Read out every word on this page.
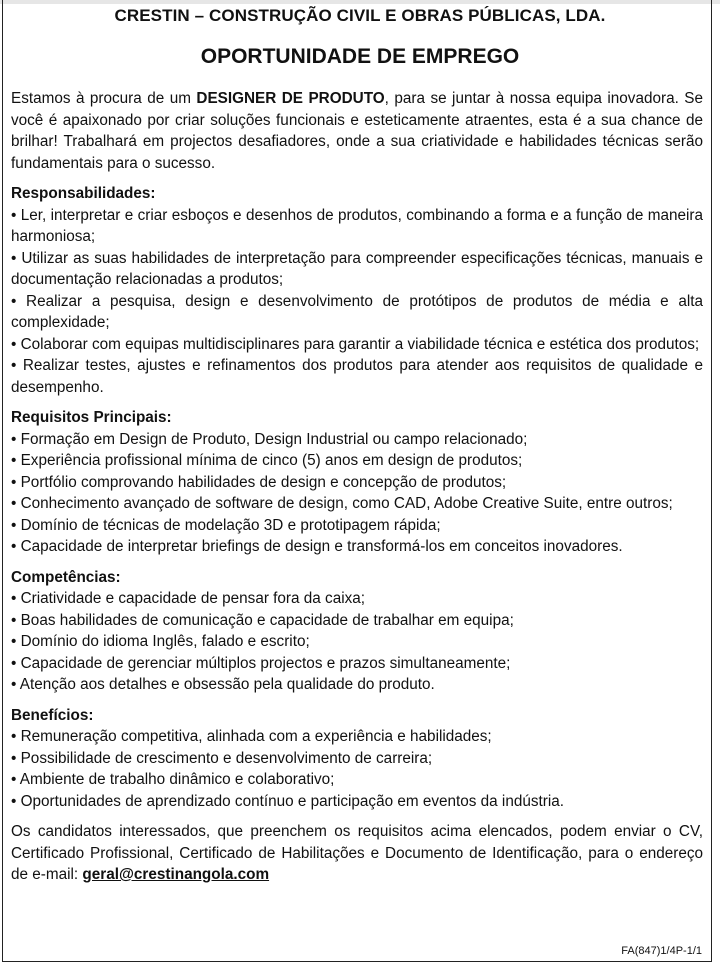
CRESTIN – CONSTRUÇÃO CIVIL E OBRAS PÚBLICAS, LDA.
OPORTUNIDADE DE EMPREGO

Estamos à procura de um DESIGNER DE PRODUTO, para se juntar à nossa equipa inovadora. Se você é apaixonado por criar soluções funcionais e esteticamente atraentes, esta é a sua chance de brilhar! Trabalhará em projectos desafiadores, onde a sua criatividade e habilidades técnicas serão fundamentais para o sucesso.

Responsabilidades:
• Ler, interpretar e criar esboços e desenhos de produtos, combinando a forma e a função de maneira harmoniosa;
• Utilizar as suas habilidades de interpretação para compreender especificações técnicas, manuais e documentação relacionadas a produtos;
• Realizar a pesquisa, design e desenvolvimento de protótipos de produtos de média e alta complexidade;
• Colaborar com equipas multidisciplinares para garantir a viabilidade técnica e estética dos produtos;
• Realizar testes, ajustes e refinamentos dos produtos para atender aos requisitos de qualidade e desempenho.
Requisitos Principais:
• Formação em Design de Produto, Design Industrial ou campo relacionado;
• Experiência profissional mínima de cinco (5) anos em design de produtos;
• Portfólio comprovando habilidades de design e concepção de produtos;
• Conhecimento avançado de software de design, como CAD, Adobe Creative Suite, entre outros;
• Domínio de técnicas de modelação 3D e prototipagem rápida;
• Capacidade de interpretar briefings de design e transformá-los em conceitos inovadores.
Competências:
• Criatividade e capacidade de pensar fora da caixa;
• Boas habilidades de comunicação e capacidade de trabalhar em equipa;
• Domínio do idioma Inglês, falado e escrito;
• Capacidade de gerenciar múltiplos projectos e prazos simultaneamente;
• Atenção aos detalhes e obsessão pela qualidade do produto.
Benefícios:
• Remuneração competitiva, alinhada com a experiência e habilidades;
• Possibilidade de crescimento e desenvolvimento de carreira;
• Ambiente de trabalho dinâmico e colaborativo;
• Oportunidades de aprendizado contínuo e participação em eventos da indústria.

Os candidatos interessados, que preenchem os requisitos acima elencados, podem enviar o CV, Certificado Profissional, Certificado de Habilitações e Documento de Identificação, para o endereço de e-mail: geral@crestinangola.com

FA(847)1/4P-1/1
